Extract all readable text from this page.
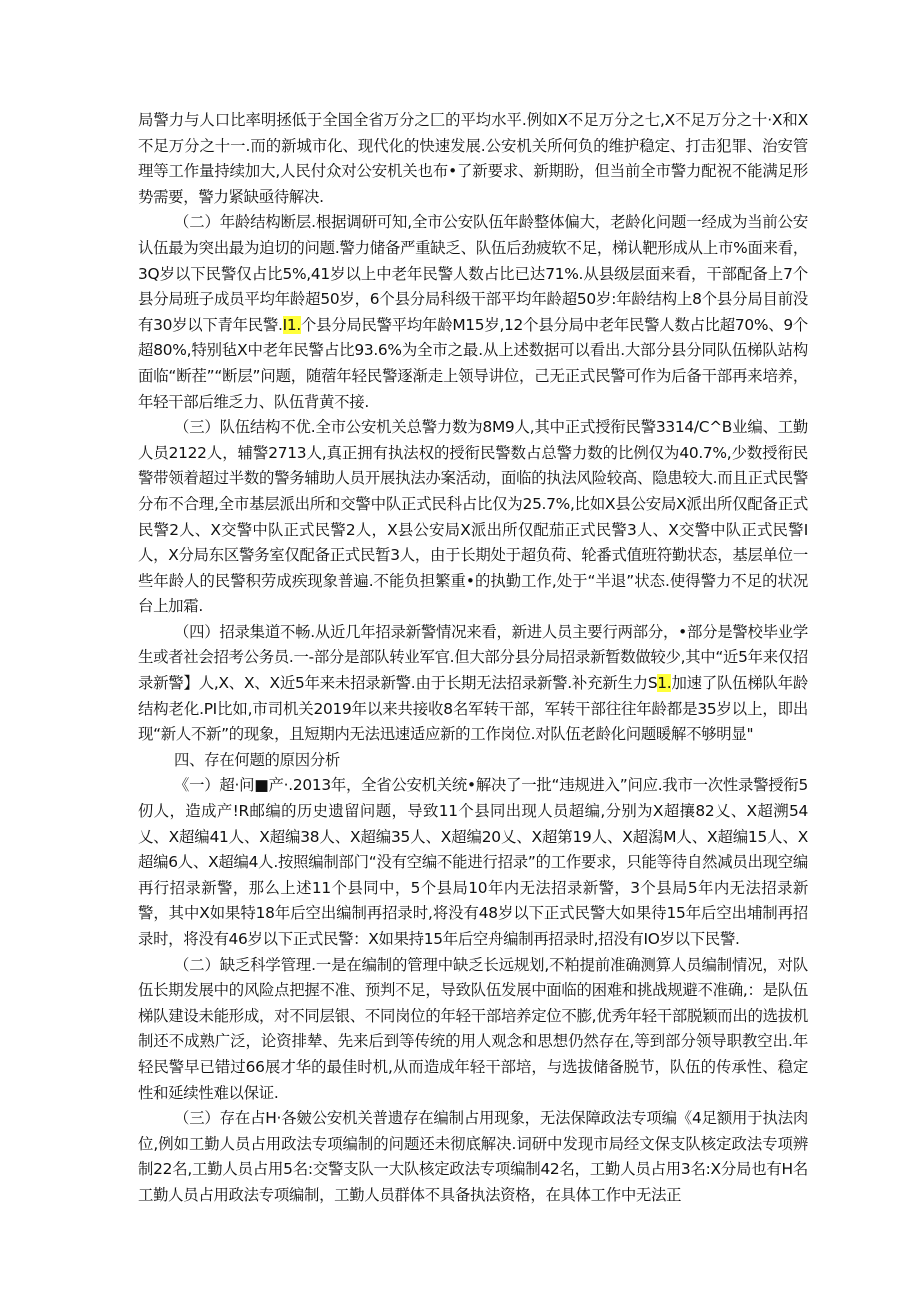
局警力与人口比率明拯低于全国全省万分之匚的平均水平.例如X不足万分之七,X不足万分之十·X和X不足万分之十一.而的新城市化、现代化的快速发展.公安机关所何负的维护稳定、打击犯罪、治安管理等工作量持续加大,人民付众对公安机关也布•了新要求、新期盼，但当前全市警力配祝不能满足形势需要，警力紧缺亟待解决.

（二）年龄结构断层.根据调研可知,全市公安队伍年龄整体偏大，老龄化问题一经成为当前公安认伍最为突出最为迫切的问题.警力储备严重缺乏、队伍后劲疲软不足，梯认靶形成从上市%面来看，3Q岁以下民警仅占比5%,41岁以上中老年民警人数占比已达71%.从县级层面来看，干部配备上7个县分局班子成员平均年龄超50岁，6个县分局科级干部平均年龄超50岁:年龄结构上8个县分局目前没有30岁以下青年民警.I1.个县分局民警平均年龄M15岁,12个县分局中老年民警人数占比超70%、9个超80%,特别毡X中老年民警占比93.6%为全市之最.从上述数据可以看出.大部分县分同队伍梯队站构面临“断茬”“断层”问题，随蓿年轻民警逐渐走上领导讲位，己无正式民警可作为后备干部再来培养，年轻干部后维乏力、队伍背黄不接.

（三）队伍结构不优.全市公安机关总警力数为8M9人,其中正式授衔民警3314∕C^B业编、工勤人员2122人，辅警2713人,真正拥有执法权的授衔民警数占总警力数的比例仅为40.7%,少数授衔民警带领着超过半数的警务辅助人员开展执法办案活动，面临的执法风险较高、隐患较大.而且正式民警分布不合理,全市基层派出所和交警中队正式民科占比仅为25.7%,比如X县公安局X派出所仅配备正式民警2人、X交警中队正式民警2人，X县公安局X派出所仅配茄正式民警3人、X交警中队正式民警I人，X分局东区警务室仅配备正式民暂3人，由于长期处于超负荷、轮番式值班符勤状态，基层单位一些年龄人的民警积劳成疾现象普遍.不能负担繁重•的执勤工作,处于“半退”状态.使得警力不足的状况台上加霜.

（四）招录集道不畅.从近几年招录新警情况来看，新进人员主要行两部分，•部分是警校毕业学生或者社会招考公务员.一-部分是部队转业军官.但大部分县分局招录新暂数做较少,其中“近5年来仅招录新警】人,X、X、X近5年来未招录新警.由于长期无法招录新警.补充新生力S1.加速了队伍梯队年龄结构老化.PI比如,市司机关2019年以来共接收8名军转干部，军转干部往往年龄都是35岁以上，即出现“新人不新”的现象，且短期内无法迅速适应新的工作岗位.对队伍老龄化问题暖解不够明显"

四、存在何题的原因分析

《一）超·问■产·.2013年，全省公安机关统•解决了一批“违规进入”问应.我市一次性录警授衔5仞人，造成产!R邮编的历史遗留问题，导致11个县同出现人员超编,分别为X超攘82乂、X超溯54乂、X超编41人、X超编38人、X超编35人、X超编20乂、X超第19人、X超潟M人、X超编15人、X超编6人、X超编4人.按照编制部门“没有空编不能进行招录”的工作要求，只能等待自然减员出现空编再行招录新警，那么上述11个县同中，5个县局10年内无法招录新警，3个县局5年内无法招录新警，其中X如果特18年后空出编制再招录时,将没有48岁以下正式民警大如果待15年后空出埔制再招录时，将没有46岁以下正式民警：X如果持15年后空舟编制再招录时,招没有IO岁以下民警.

（二）缺乏科学管理.一是在编制的管理中缺乏长远规划,不粕提前准确测算人员编制情况，对队伍长期发展中的风险点把握不准、预判不足，导致队伍发展中面临的困难和挑战规避不准确,：是队伍梯队建设未能形成，对不同层银、不同岗位的年轻干部培养定位不膨,优秀年轻干部脱颖而出的选拔机制还不成熟广泛，论资排辇、先来后到等传统的用人观念和思想仍然存在,等到部分领导职教空出.年轻民警早已错过66展才华的最佳时机,从而造成年轻干部培，与选拔储备脱节，队伍的传承性、稳定性和延续性难以保证.

（三）存在占H·各皴公安机关普遗存在编制占用现象，无法保障政法专项编《4足额用于执法肉位,例如工勤人员占用政法专项编制的问题还未彻底解决.词研中发现市局经文保支队核定政法专项辨制22名,工勤人员占用5名:交警支队一大队核定政法专项编制42名，工勤人员占用3名:X分局也有H名工勤人员占用政法专项编制，工勤人员群体不具备执法资格，在具体工作中无法正
